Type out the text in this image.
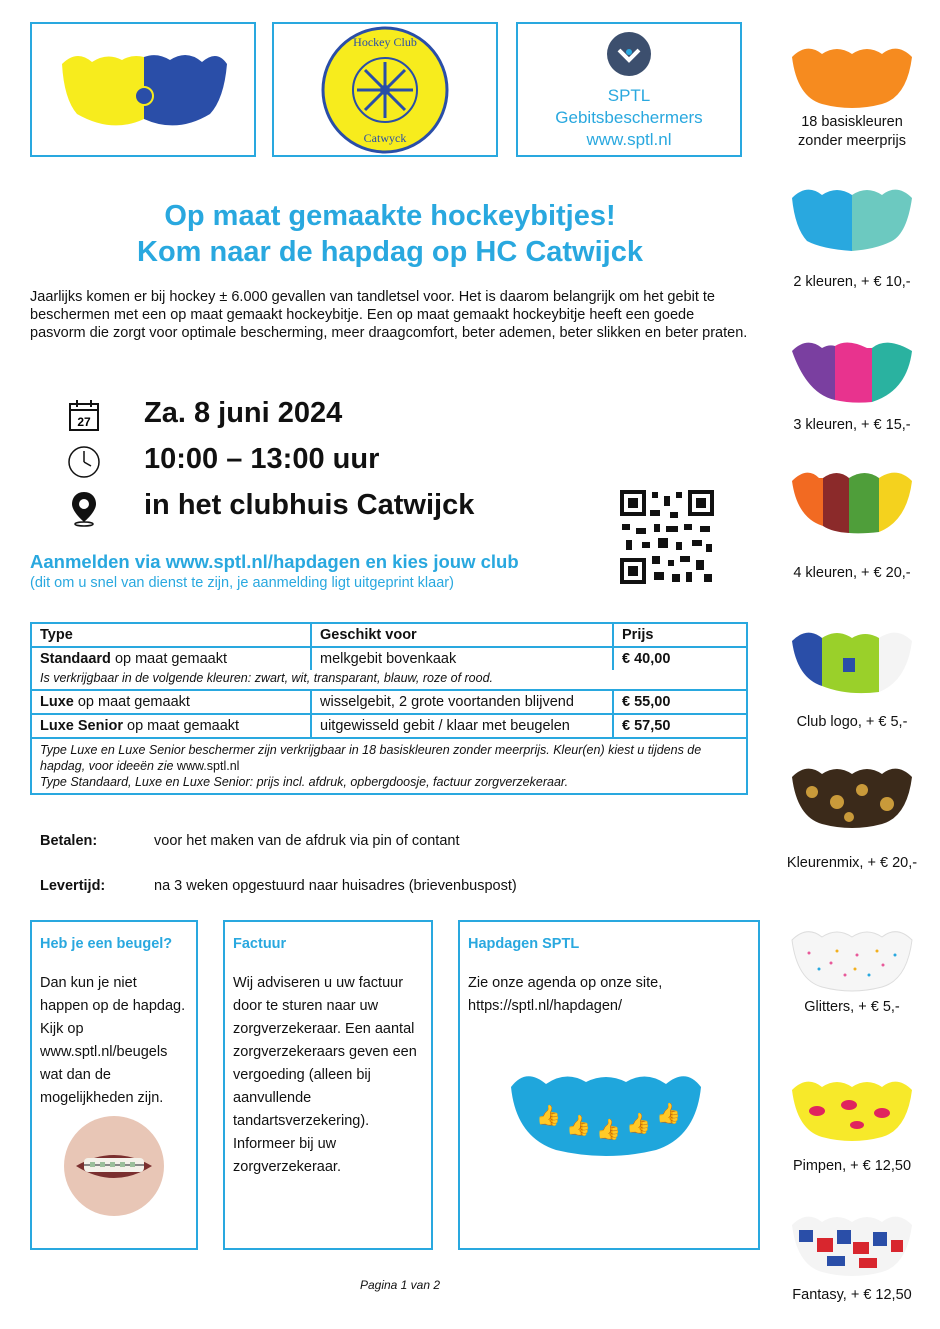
Hockey Club
Catwyck
SPTL
Gebitsbeschermers
www.sptl.nl
Op maat gemaakte hockeybitjes!
Kom naar de hapdag op HC Catwijck
Jaarlijks komen er bij hockey ± 6.000 gevallen van tandletsel voor. Het is daarom belangrijk om het gebit te beschermen met een op maat gemaakt hockeybitje. Een op maat gemaakt hockeybitje heeft een goede pasvorm die zorgt voor optimale bescherming, meer draagcomfort, beter ademen, beter slikken en beter praten.
27 Za. 8 juni 2024
10:00 – 13:00 uur
in het clubhuis Catwijck
Aanmelden via www.sptl.nl/hapdagen en kies jouw club
(dit om u snel van dienst te zijn, je aanmelding ligt uitgeprint klaar)
Type	Geschikt voor	Prijs
Standaard op maat gemaakt	melkgebit bovenkaak	€ 40,00
Is verkrijgbaar in de volgende kleuren: zwart, wit, transparant, blauw, roze of rood.		
Luxe op maat gemaakt	wisselgebit, 2 grote voortanden blijvend	€ 55,00
Luxe Senior op maat gemaakt	uitgewisseld gebit / klaar met beugelen	€ 57,50
Type Luxe en Luxe Senior beschermer zijn verkrijgbaar in 18 basiskleuren zonder meerprijs. Kleur(en) kiest u tijdens de hapdag, voor ideeën zie www.sptl.nl
Type Standaard, Luxe en Luxe Senior: prijs incl. afdruk, opbergdoosje, factuur zorgverzekeraar.		
Betalen:	voor het maken van de afdruk via pin of contant
Levertijd:	na 3 weken opgestuurd naar huisadres (brievenbuspost)
Heb je een beugel?
Dan kun je niet happen op de hapdag. Kijk op www.sptl.nl/beugels wat dan de mogelijkheden zijn.
Factuur
Wij adviseren u uw factuur door te sturen naar uw zorgverzekeraar. Een aantal zorgverzekeraars geven een vergoeding (alleen bij aanvullende tandartsverzekering). Informeer bij uw zorgverzekeraar.
Hapdagen SPTL
Zie onze agenda op onze site,
https://sptl.nl/hapdagen/
👍 👍 👍 👍 👍
18 basiskleuren
zonder meerprijs
2 kleuren, + € 10,-
3 kleuren, + € 15,-
4 kleuren, + € 20,-
Club logo, + € 5,-
Kleurenmix, + € 20,-
Glitters, + € 5,-
Pimpen, + € 12,50
Fantasy, + € 12,50
Pagina 1 van 2
